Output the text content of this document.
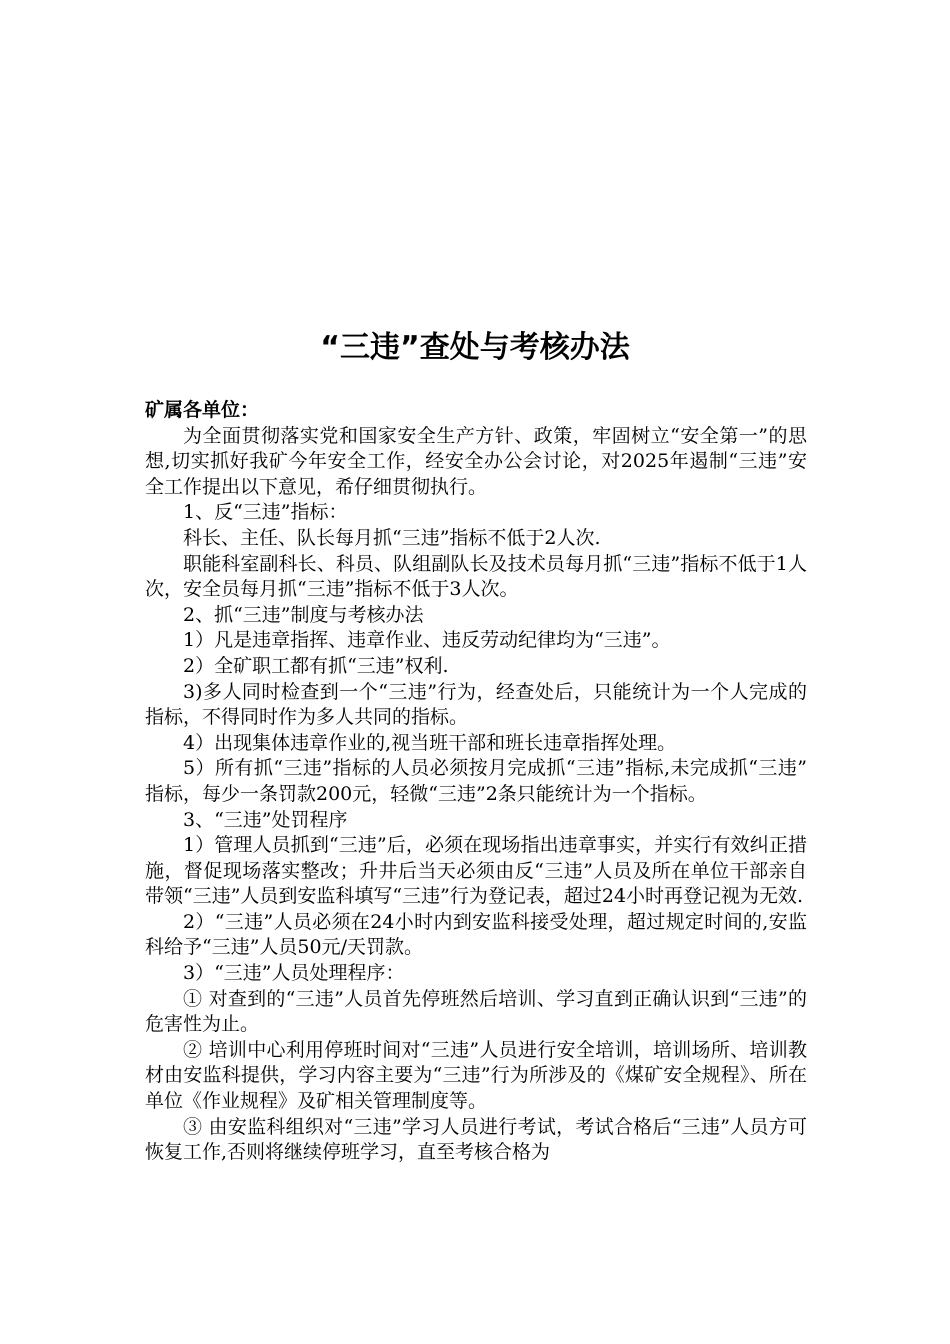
“三违”查处与考核办法

矿属各单位：

为全面贯彻落实党和国家安全生产方针、政策，牢固树立“安全第一”的思想,切实抓好我矿今年安全工作，经安全办公会讨论，对2025年遏制“三违”安全工作提出以下意见，希仔细贯彻执行。

1、反“三违”指标：

科长、主任、队长每月抓“三违”指标不低于2人次.

职能科室副科长、科员、队组副队长及技术员每月抓“三违”指标不低于1人次，安全员每月抓“三违”指标不低于3人次。

2、抓“三违”制度与考核办法

1）凡是违章指挥、违章作业、违反劳动纪律均为“三违”。

2）全矿职工都有抓“三违”权利.

3)多人同时检查到一个“三违”行为，经查处后，只能统计为一个人完成的指标，不得同时作为多人共同的指标。

4）出现集体违章作业的,视当班干部和班长违章指挥处理。

5）所有抓“三违”指标的人员必须按月完成抓“三违”指标,未完成抓“三违”指标，每少一条罚款200元，轻微“三违”2条只能统计为一个指标。

3、“三违”处罚程序

1）管理人员抓到“三违”后，必须在现场指出违章事实，并实行有效纠正措施，督促现场落实整改；升井后当天必须由反“三违”人员及所在单位干部亲自带领“三违”人员到安监科填写“三违”行为登记表，超过24小时再登记视为无效.

2）“三违”人员必须在24小时内到安监科接受处理，超过规定时间的,安监科给予“三违”人员50元/天罚款。

3）“三违”人员处理程序：

① 对查到的“三违”人员首先停班然后培训、学习直到正确认识到“三违”的危害性为止。

② 培训中心利用停班时间对“三违”人员进行安全培训，培训场所、培训教材由安监科提供，学习内容主要为“三违”行为所涉及的《煤矿安全规程》、所在单位《作业规程》及矿相关管理制度等。

③ 由安监科组织对“三违”学习人员进行考试，考试合格后“三违”人员方可恢复工作,否则将继续停班学习，直至考核合格为
